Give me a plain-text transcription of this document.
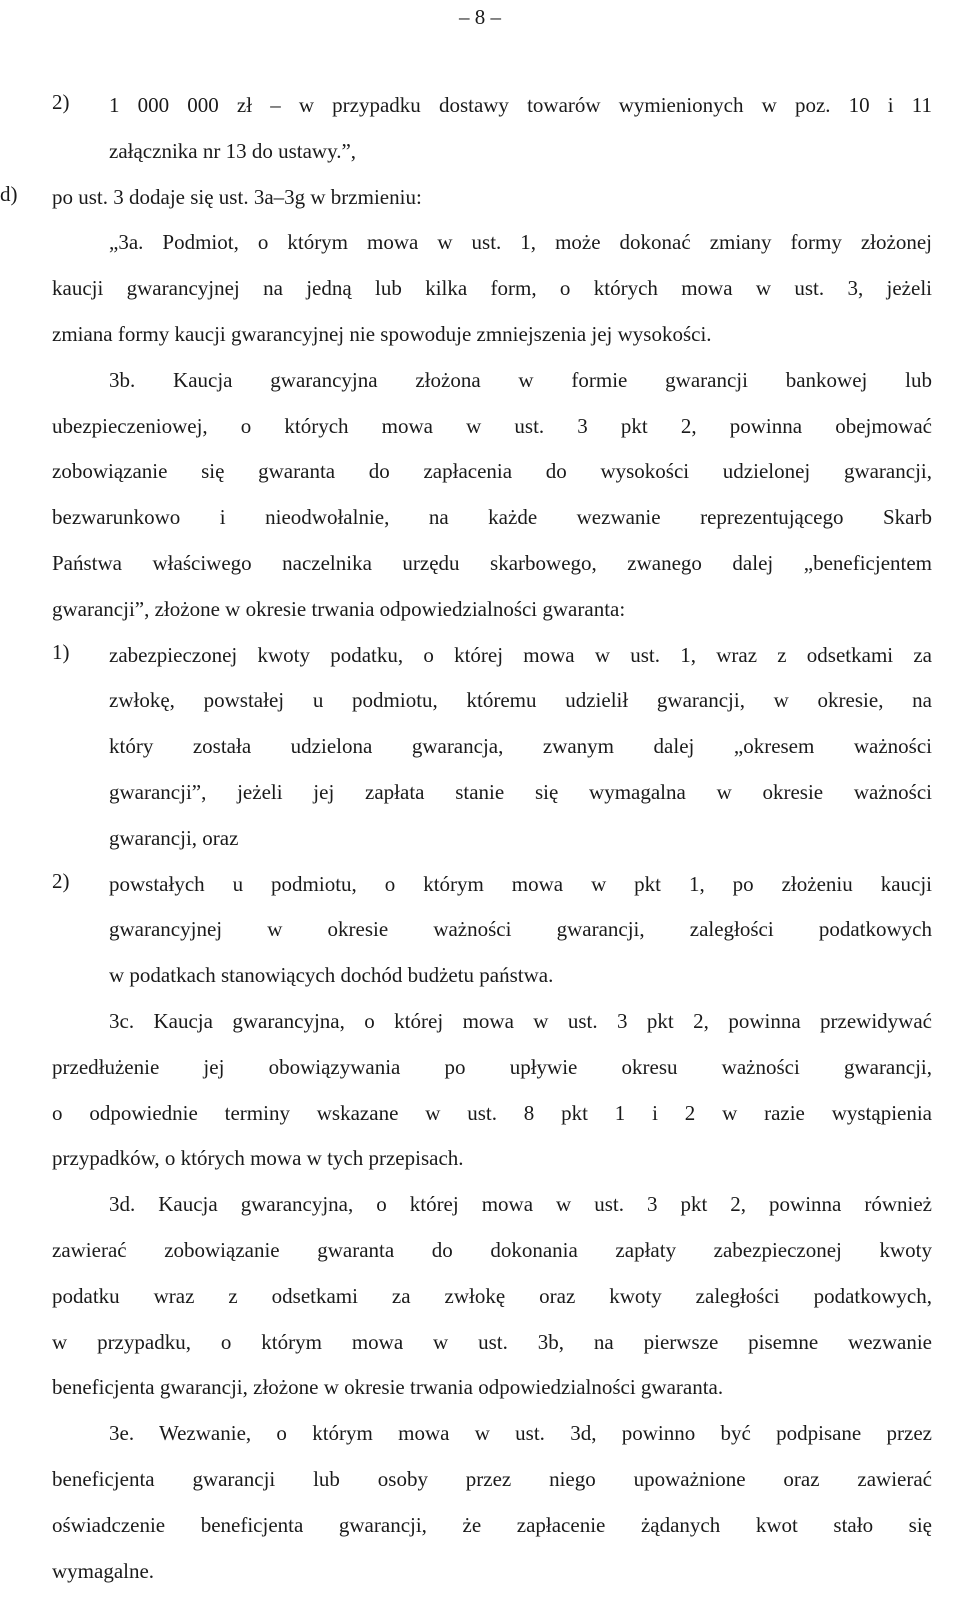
– 8 –
2)	1 000 000 zł – w przypadku dostawy towarów wymienionych w poz. 10 i 11
załącznika nr 13 do ustawy.”,
d) po ust. 3 dodaje się ust. 3a–3g w brzmieniu:
„3a. Podmiot, o którym mowa w ust. 1, może dokonać zmiany formy złożonej
kaucji gwarancyjnej na jedną lub kilka form, o których mowa w ust. 3, jeżeli
zmiana formy kaucji gwarancyjnej nie spowoduje zmniejszenia jej wysokości.
3b. Kaucja gwarancyjna złożona w formie gwarancji bankowej lub
ubezpieczeniowej, o których mowa w ust. 3 pkt 2, powinna obejmować
zobowiązanie się gwaranta do zapłacenia do wysokości udzielonej gwarancji,
bezwarunkowo i nieodwołalnie, na każde wezwanie reprezentującego Skarb
Państwa właściwego naczelnika urzędu skarbowego, zwanego dalej „beneficjentem
gwarancji”, złożone w okresie trwania odpowiedzialności gwaranta:
1)	zabezpieczonej kwoty podatku, o której mowa w ust. 1, wraz z odsetkami za
zwłokę, powstałej u podmiotu, któremu udzielił gwarancji, w okresie, na
który została udzielona gwarancja, zwanym dalej „okresem ważności
gwarancji”, jeżeli jej zapłata stanie się wymagalna w okresie ważności
gwarancji, oraz
2)	powstałych u podmiotu, o którym mowa w pkt 1, po złożeniu kaucji
gwarancyjnej w okresie ważności gwarancji, zaległości podatkowych
w podatkach stanowiących dochód budżetu państwa.
3c. Kaucja gwarancyjna, o której mowa w ust. 3 pkt 2, powinna przewidywać
przedłużenie jej obowiązywania po upływie okresu ważności gwarancji,
o odpowiednie terminy wskazane w ust. 8 pkt 1 i 2 w razie wystąpienia
przypadków, o których mowa w tych przepisach.
3d. Kaucja gwarancyjna, o której mowa w ust. 3 pkt 2, powinna również
zawierać zobowiązanie gwaranta do dokonania zapłaty zabezpieczonej kwoty
podatku wraz z odsetkami za zwłokę oraz kwoty zaległości podatkowych,
w przypadku, o którym mowa w ust. 3b, na pierwsze pisemne wezwanie
beneficjenta gwarancji, złożone w okresie trwania odpowiedzialności gwaranta.
3e. Wezwanie, o którym mowa w ust. 3d, powinno być podpisane przez
beneficjenta gwarancji lub osoby przez niego upoważnione oraz zawierać
oświadczenie beneficjenta gwarancji, że zapłacenie żądanych kwot stało się
wymagalne.
